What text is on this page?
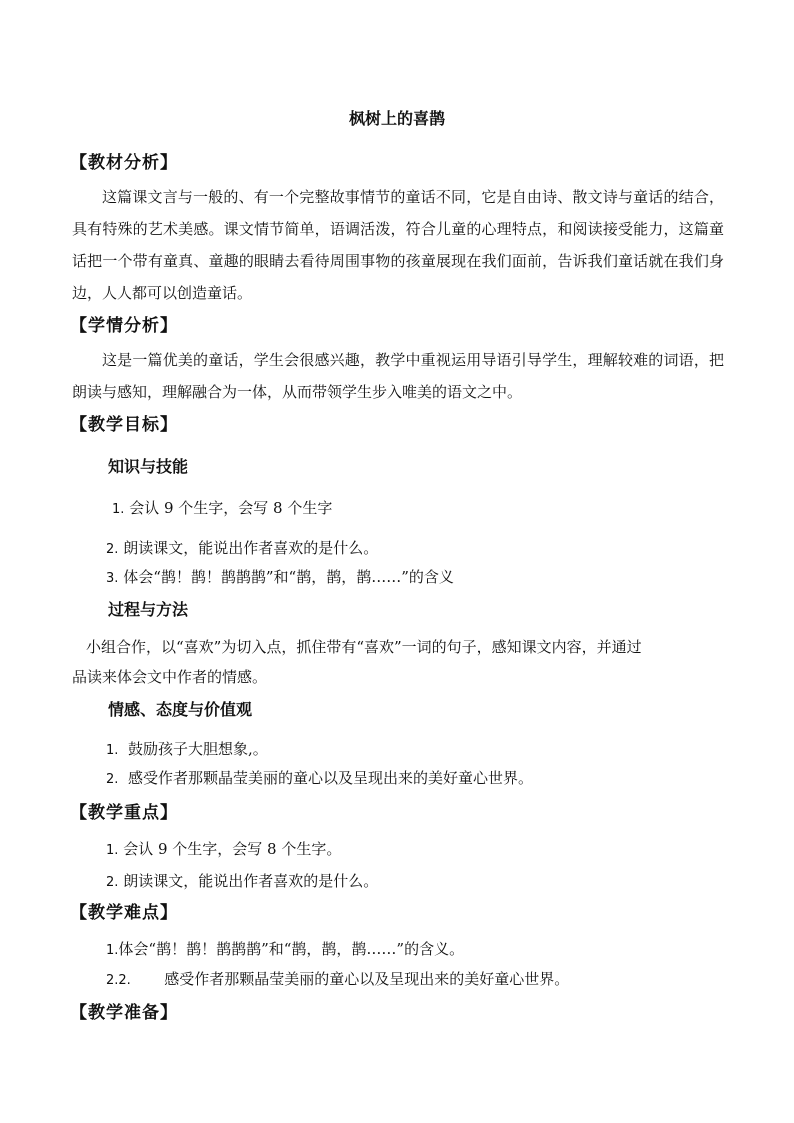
枫树上的喜鹊
【教材分析】
这篇课文言与一般的、有一个完整故事情节的童话不同，它是自由诗、散文诗与童话的结合，具有特殊的艺术美感。课文情节简单，语调活泼，符合儿童的心理特点，和阅读接受能力，这篇童话把一个带有童真、童趣的眼睛去看待周围事物的孩童展现在我们面前，告诉我们童话就在我们身边，人人都可以创造童话。
【学情分析】
这是一篇优美的童话，学生会很感兴趣，教学中重视运用导语引导学生，理解较难的词语，把朗读与感知，理解融合为一体，从而带领学生步入唯美的语文之中。
【教学目标】
知识与技能
1. 会认 9 个生字，会写 8 个生字
2. 朗读课文，能说出作者喜欢的是什么。
3. 体会“鹊！鹊！鹊鹊鹊”和“鹊，鹊，鹊……”的含义
过程与方法
小组合作，以“喜欢”为切入点，抓住带有“喜欢”一词的句子，感知课文内容，并通过
品读来体会文中作者的情感。
情感、态度与价值观
1. 鼓励孩子大胆想象,。
2. 感受作者那颗晶莹美丽的童心以及呈现出来的美好童心世界。
【教学重点】
1. 会认 9 个生字，会写 8 个生字。
2. 朗读课文，能说出作者喜欢的是什么。
【教学难点】
1.体会“鹊！鹊！鹊鹊鹊”和“鹊，鹊，鹊……”的含义。
2.2. 感受作者那颗晶莹美丽的童心以及呈现出来的美好童心世界。
【教学准备】
